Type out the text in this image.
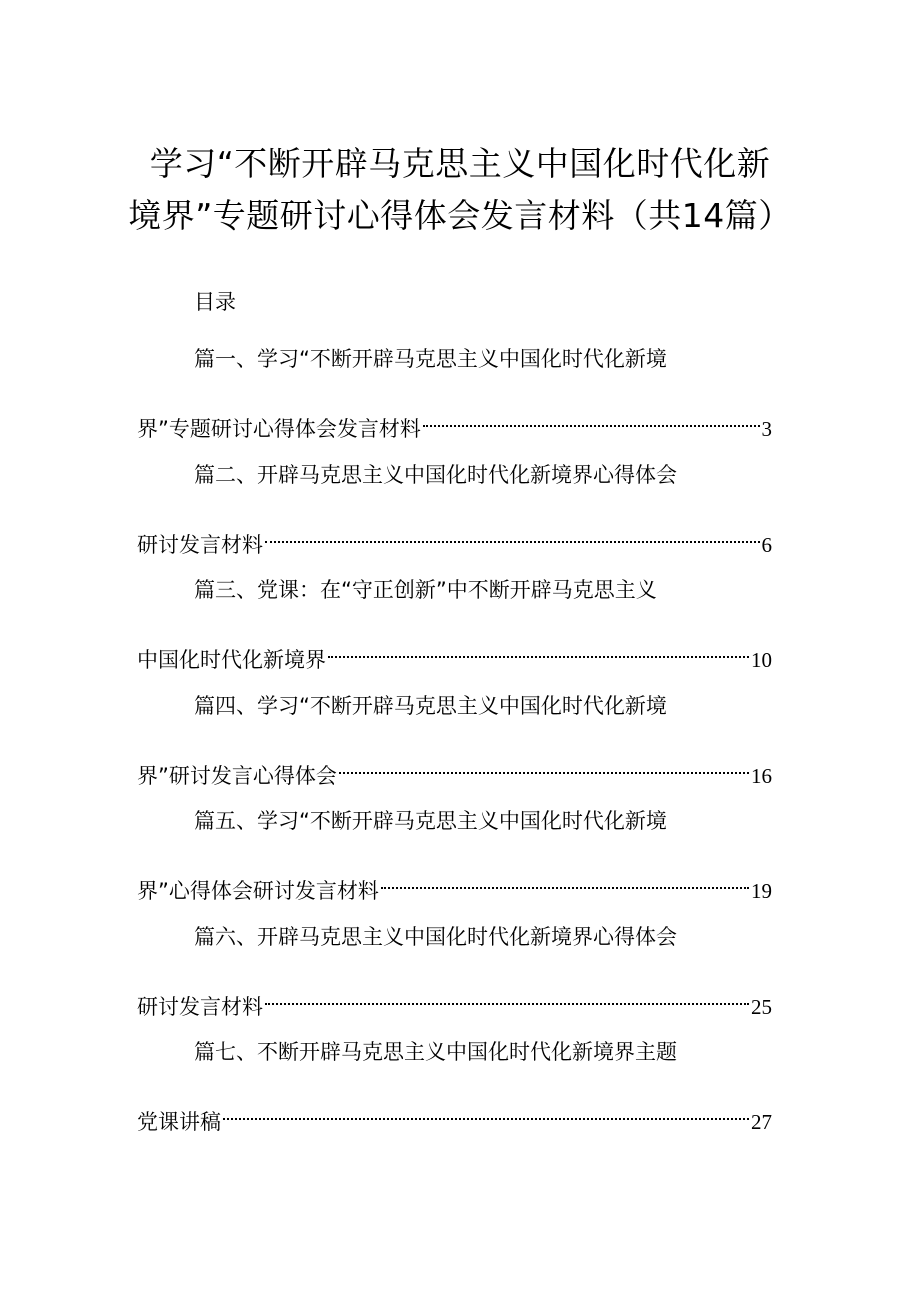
学习“不断开辟马克思主义中国化时代化新
境界”专题研讨心得体会发言材料（共14篇）
目录
篇一、学习“不断开辟马克思主义中国化时代化新境
界”专题研讨心得体会发言材料	3
篇二、开辟马克思主义中国化时代化新境界心得体会
研讨发言材料	6
篇三、党课：在“守正创新”中不断开辟马克思主义
中国化时代化新境界	10
篇四、学习“不断开辟马克思主义中国化时代化新境
界”研讨发言心得体会	16
篇五、学习“不断开辟马克思主义中国化时代化新境
界”心得体会研讨发言材料	19
篇六、开辟马克思主义中国化时代化新境界心得体会
研讨发言材料	25
篇七、不断开辟马克思主义中国化时代化新境界主题
党课讲稿	27
